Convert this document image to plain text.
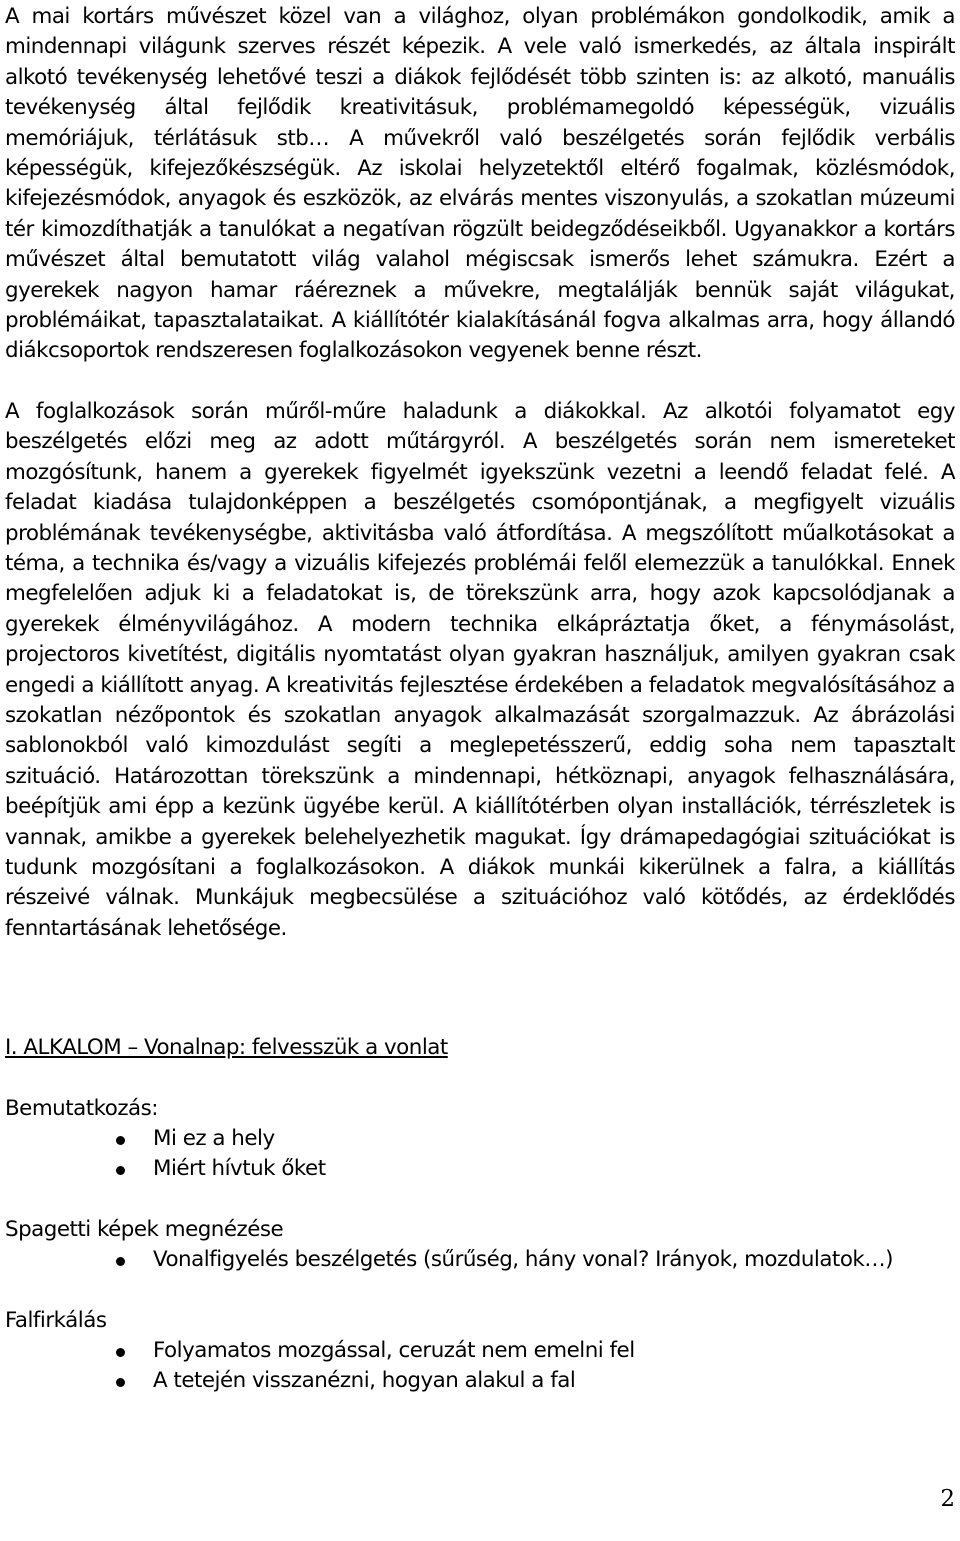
A mai kortárs művészet közel van a világhoz, olyan problémákon gondolkodik, amik a mindennapi világunk szerves részét képezik. A vele való ismerkedés, az általa inspirált alkotó tevékenység lehetővé teszi a diákok fejlődését több szinten is: az alkotó, manuális tevékenység által fejlődik kreativitásuk, problémamegoldó képességük, vizuális memóriájuk, térlátásuk stb… A művekről való beszélgetés során fejlődik verbális képességük, kifejezőkészségük. Az iskolai helyzetektől eltérő fogalmak, közlésmódok, kifejezésmódok, anyagok és eszközök, az elvárás mentes viszonyulás, a szokatlan múzeumi tér kimozdíthatják a tanulókat a negatívan rögzült beidegződéseikből. Ugyanakkor a kortárs művészet által bemutatott világ valahol mégiscsak ismerős lehet számukra. Ezért a gyerekek nagyon hamar ráéreznek a művekre, megtalálják bennük saját világukat, problémáikat, tapasztalataikat. A kiállítótér kialakításánál fogva alkalmas arra, hogy állandó diákcsoportok rendszeresen foglalkozásokon vegyenek benne részt.

A foglalkozások során műről-műre haladunk a diákokkal. Az alkotói folyamatot egy beszélgetés előzi meg az adott műtárgyról. A beszélgetés során nem ismereteket mozgósítunk, hanem a gyerekek figyelmét igyekszünk vezetni a leendő feladat felé. A feladat kiadása tulajdonképpen a beszélgetés csomópontjának, a megfigyelt vizuális problémának tevékenységbe, aktivitásba való átfordítása. A megszólított műalkotásokat a téma, a technika és/vagy a vizuális kifejezés problémái felől elemezzük a tanulókkal. Ennek megfelelően adjuk ki a feladatokat is, de törekszünk arra, hogy azok kapcsolódjanak a gyerekek élményvilágához. A modern technika elkápráztatja őket, a fénymásolást, projectoros kivetítést, digitális nyomtatást olyan gyakran használjuk, amilyen gyakran csak engedi a kiállított anyag. A kreativitás fejlesztése érdekében a feladatok megvalósításához a szokatlan nézőpontok és szokatlan anyagok alkalmazását szorgalmazzuk. Az ábrázolási sablonokból való kimozdulást segíti a meglepetésszerű, eddig soha nem tapasztalt szituáció. Határozottan törekszünk a mindennapi, hétköznapi, anyagok felhasználására, beépítjük ami épp a kezünk ügyébe kerül. A kiállítótérben olyan installációk, térrészletek is vannak, amikbe a gyerekek belehelyezhetik magukat. Így drámapedagógiai szituációkat is tudunk mozgósítani a foglalkozásokon. A diákok munkái kikerülnek a falra, a kiállítás részeivé válnak. Munkájuk megbecsülése a szituációhoz való kötődés, az érdeklődés fenntartásának lehetősége.

I. ALKALOM – Vonalnap: felvesszük a vonlat

Bemutatkozás:

Mi ez a hely
Miért hívtuk őket

Spagetti képek megnézése

Vonalfigyelés beszélgetés (sűrűség, hány vonal? Irányok, mozdulatok…)

Falfirkálás

Folyamatos mozgással, ceruzát nem emelni fel
A tetején visszanézni, hogyan alakul a fal
2
